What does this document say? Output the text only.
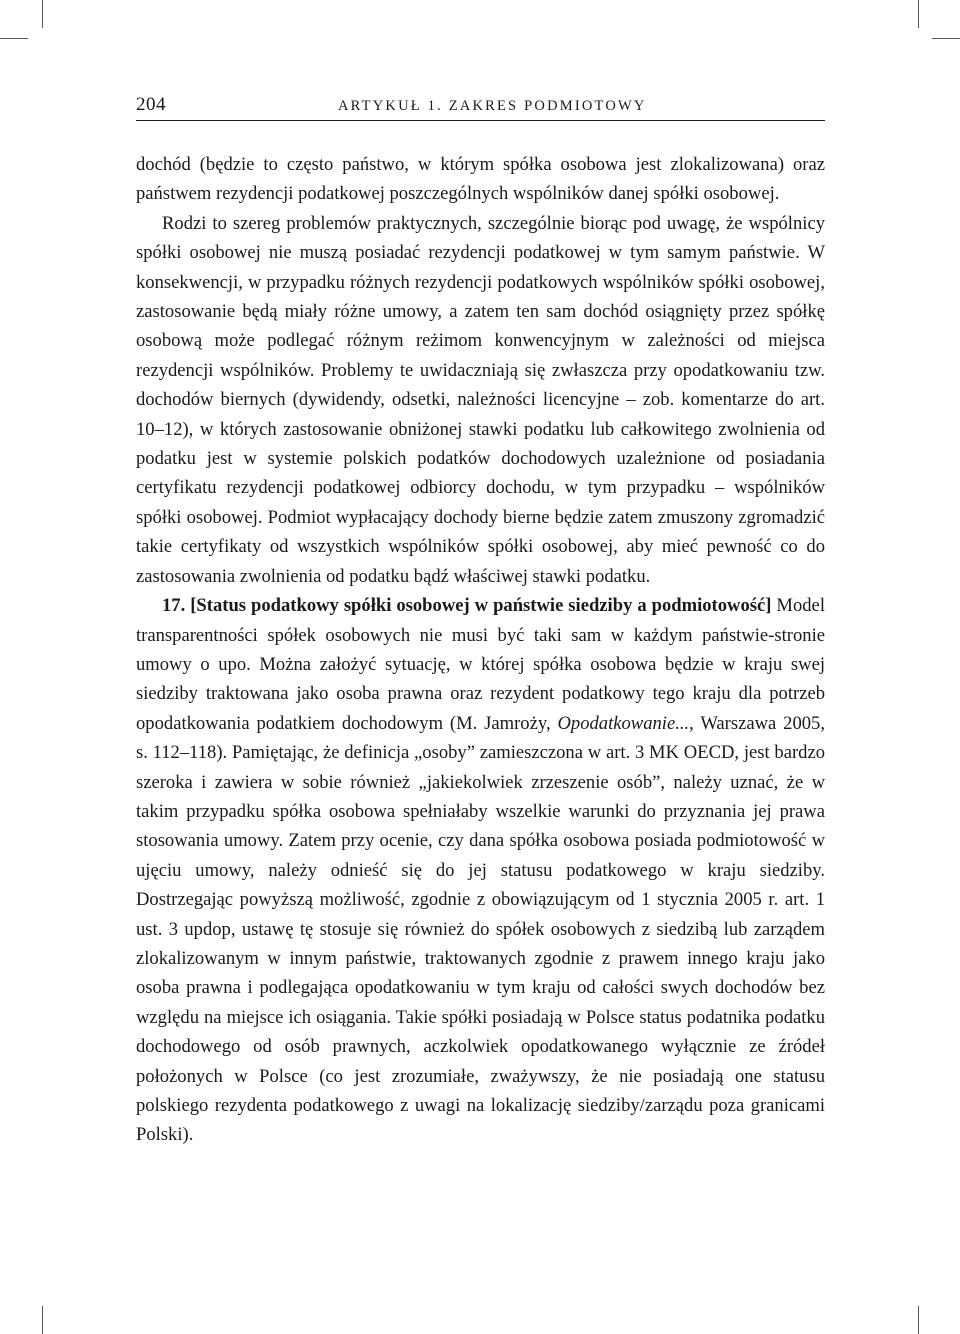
204	ARTYKUŁ 1. ZAKRES PODMIOTOWY

dochód (będzie to często państwo, w którym spółka osobowa jest zlokalizowana) oraz państwem rezydencji podatkowej poszczególnych wspólników danej spółki osobowej.

Rodzi to szereg problemów praktycznych, szczególnie biorąc pod uwagę, że wspólnicy spółki osobowej nie muszą posiadać rezydencji podatkowej w tym samym państwie. W konsekwencji, w przypadku różnych rezydencji podatkowych wspólników spółki osobowej, zastosowanie będą miały różne umowy, a zatem ten sam dochód osiągnięty przez spółkę osobową może podlegać różnym reżimom konwencyjnym w zależności od miejsca rezydencji wspólników. Problemy te uwidaczniają się zwłaszcza przy opodatkowaniu tzw. dochodów biernych (dywidendy, odsetki, należności licencyjne – zob. komentarze do art. 10–12), w których zastosowanie obniżonej stawki podatku lub całkowitego zwolnienia od podatku jest w systemie polskich podatków dochodowych uzależnione od posiadania certyfikatu rezydencji podatkowej odbiorcy dochodu, w tym przypadku – wspólników spółki osobowej. Podmiot wypłacający dochody bierne będzie zatem zmuszony zgromadzić takie certyfikaty od wszystkich wspólników spółki osobowej, aby mieć pewność co do zastosowania zwolnienia od podatku bądź właściwej stawki podatku.

17. [Status podatkowy spółki osobowej w państwie siedziby a podmiotowość] Model transparentności spółek osobowych nie musi być taki sam w każdym państwie-stronie umowy o upo. Można założyć sytuację, w której spółka osobowa będzie w kraju swej siedziby traktowana jako osoba prawna oraz rezydent podatkowy tego kraju dla potrzeb opodatkowania podatkiem dochodowym (M. Jamroży, Opodatkowanie..., Warszawa 2005, s. 112–118). Pamiętając, że definicja „osoby” zamieszczona w art. 3 MK OECD, jest bardzo szeroka i zawiera w sobie również „jakiekolwiek zrzeszenie osób”, należy uznać, że w takim przypadku spółka osobowa spełniałaby wszelkie warunki do przyznania jej prawa stosowania umowy. Zatem przy ocenie, czy dana spółka osobowa posiada podmiotowość w ujęciu umowy, należy odnieść się do jej statusu podatkowego w kraju siedziby. Dostrzegając powyższą możliwość, zgodnie z obowiązującym od 1 stycznia 2005 r. art. 1 ust. 3 updop, ustawę tę stosuje się również do spółek osobowych z siedzibą lub zarządem zlokalizowanym w innym państwie, traktowanych zgodnie z prawem innego kraju jako osoba prawna i podlegająca opodatkowaniu w tym kraju od całości swych dochodów bez względu na miejsce ich osiągania. Takie spółki posiadają w Polsce status podatnika podatku dochodowego od osób prawnych, aczkolwiek opodatkowanego wyłącznie ze źródeł położonych w Polsce (co jest zrozumiałe, zważywszy, że nie posiadają one statusu polskiego rezydenta podatkowego z uwagi na lokalizację siedziby/zarządu poza granicami Polski).
